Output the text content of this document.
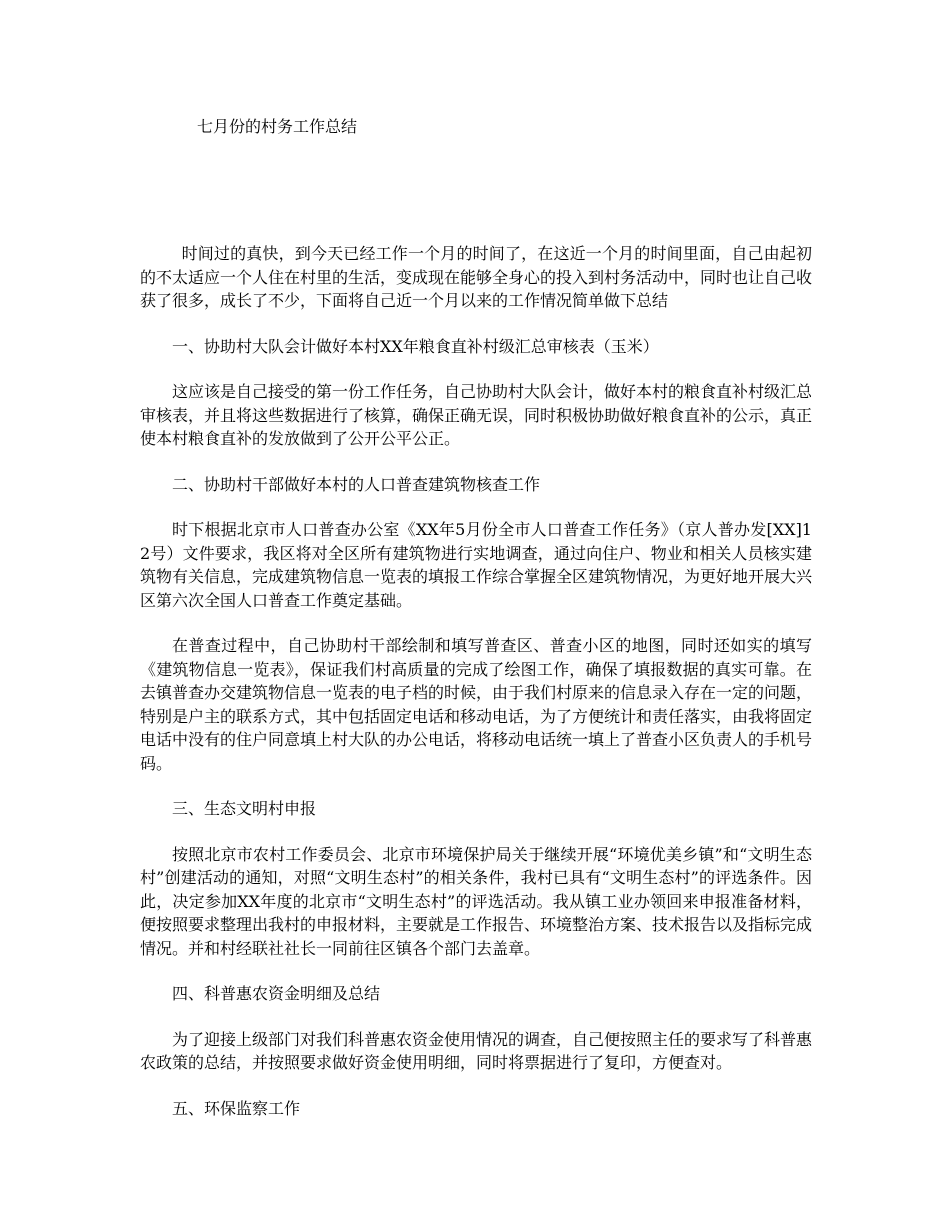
七月份的村务工作总结

时间过的真快，到今天已经工作一个月的时间了，在这近一个月的时间里面，自己由起初的不太适应一个人住在村里的生活，变成现在能够全身心的投入到村务活动中，同时也让自己收获了很多，成长了不少，下面将自己近一个月以来的工作情况简单做下总结

一、协助村大队会计做好本村XX年粮食直补村级汇总审核表（玉米）

这应该是自己接受的第一份工作任务，自己协助村大队会计，做好本村的粮食直补村级汇总审核表，并且将这些数据进行了核算，确保正确无误，同时积极协助做好粮食直补的公示，真正使本村粮食直补的发放做到了公开公平公正。

二、协助村干部做好本村的人口普查建筑物核查工作

时下根据北京市人口普查办公室《XX年5月份全市人口普查工作任务》（京人普办发[XX]12号）文件要求，我区将对全区所有建筑物进行实地调查，通过向住户、物业和相关人员核实建筑物有关信息，完成建筑物信息一览表的填报工作综合掌握全区建筑物情况，为更好地开展大兴区第六次全国人口普查工作奠定基础。

在普查过程中，自己协助村干部绘制和填写普查区、普查小区的地图，同时还如实的填写《建筑物信息一览表》，保证我们村高质量的完成了绘图工作，确保了填报数据的真实可靠。在去镇普查办交建筑物信息一览表的电子档的时候，由于我们村原来的信息录入存在一定的问题，特别是户主的联系方式，其中包括固定电话和移动电话，为了方便统计和责任落实，由我将固定电话中没有的住户同意填上村大队的办公电话，将移动电话统一填上了普查小区负责人的手机号码。

三、生态文明村申报

按照北京市农村工作委员会、北京市环境保护局关于继续开展“环境优美乡镇”和“文明生态村”创建活动的通知，对照“文明生态村”的相关条件，我村已具有“文明生态村”的评选条件。因此，决定参加XX年度的北京市“文明生态村”的评选活动。我从镇工业办领回来申报准备材料，便按照要求整理出我村的申报材料，主要就是工作报告、环境整治方案、技术报告以及指标完成情况。并和村经联社社长一同前往区镇各个部门去盖章。

四、科普惠农资金明细及总结

为了迎接上级部门对我们科普惠农资金使用情况的调查，自己便按照主任的要求写了科普惠农政策的总结，并按照要求做好资金使用明细，同时将票据进行了复印，方便查对。

五、环保监察工作
